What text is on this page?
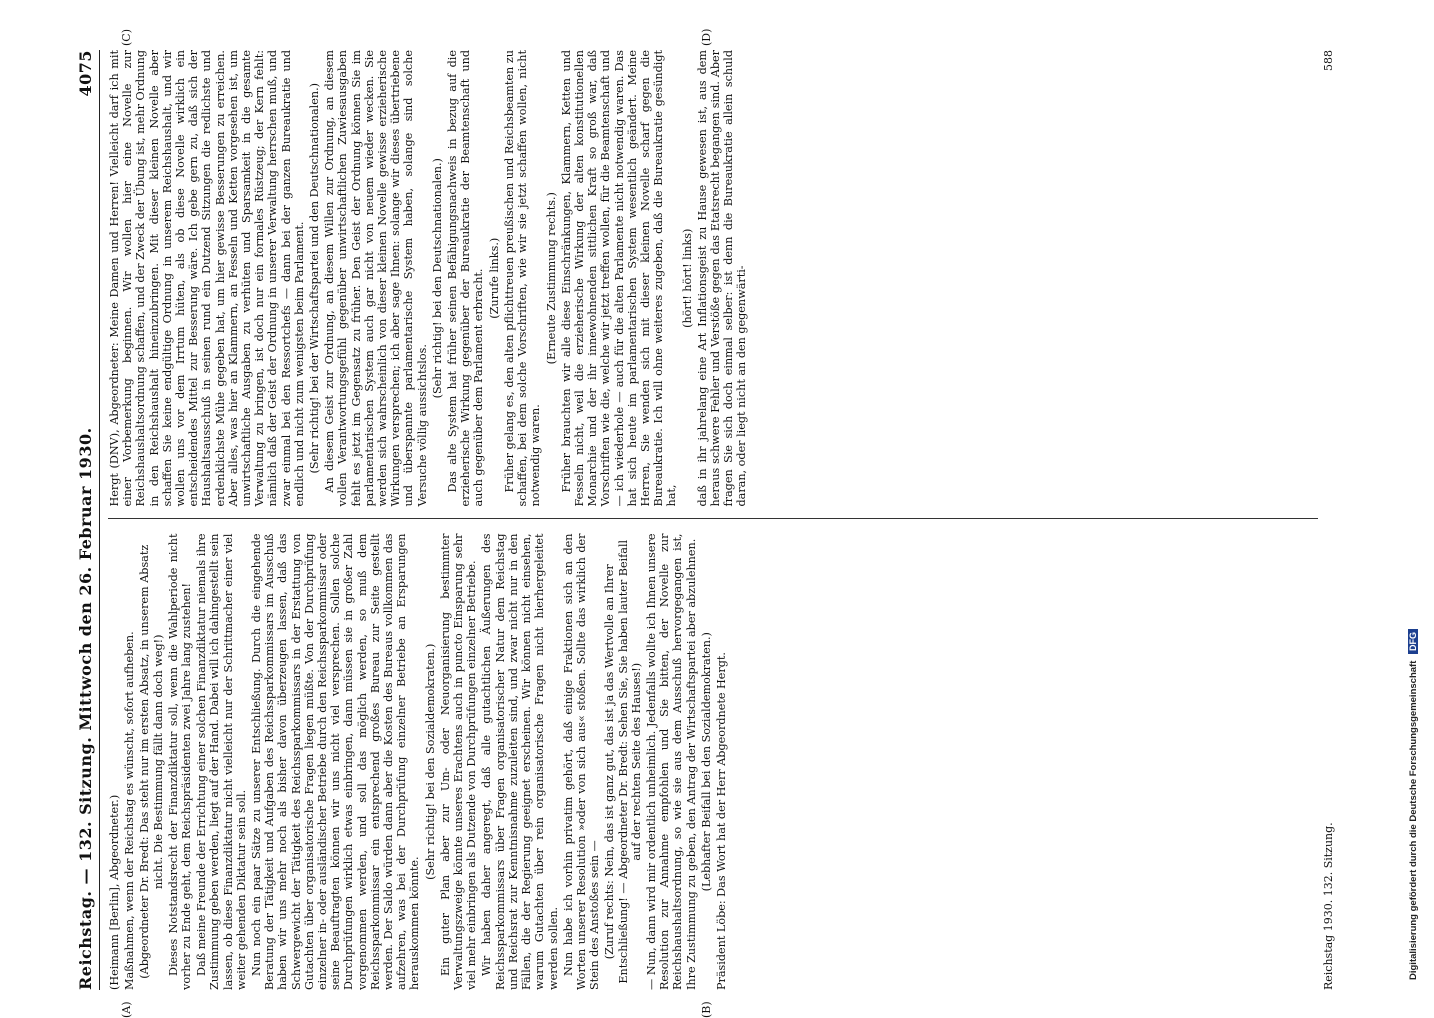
Reichstag. — 132. Sitzung. Mittwoch den 26. Februar 1930.
4075

(Heimann [Berlin], Abgeordneter.) Maßnahmen, wenn der Reichstag es wünscht, sofort aufheben. (Abgeordneter Dr. Bredt: Das steht nur im ersten Absatz, in unserem Absatz nicht. Die Bestimmung fällt dann doch weg!) Dieses Notstandsrecht der Finanzdiktatur soll, wenn die Wahlperiode nicht vorher zu Ende geht, dem Reichspräsidenten zwei Jahre lang zustehen! Daß meine Freunde der Errichtung einer solchen Finanzdiktatur niemals ihre Zustimmung geben werden, liegt auf der Hand. Dabei will ich dahingestellt sein lassen, ob diese Finanzdiktatur nicht vielleicht nur der Schrittmacher einer viel weiter gehenden Diktatur sein soll. Nun noch ein paar Sätze zu unserer Entschließung. Durch die eingehende Beratung der Tätigkeit und Aufgaben des Reichssparkommissars im Ausschuß haben wir uns mehr noch als bisher davon überzeugen lassen, daß das Schwergewicht der Tätigkeit des Reichssparkommissars in der Erstattung von Gutachten über organisatorische Fragen liegen müßte. Von der Durchprüfung einzelner in- oder ausländischer Betriebe durch den Reichssparkommissar oder seine Beauftragten können wir uns nicht viel versprechen. Sollen solche Durchprüfungen wirklich etwas einbringen, dann müssen sie in großer Zahl vorgenommen werden, und soll das möglich werden, so muß dem Reichssparkommissar ein entsprechend großes Bureau zur Seite gestellt werden. Der Saldo würden dann aber die Kosten des Bureaus vollkommen das aufzehren, was bei der Durchprüfung einzelner Betriebe an Ersparungen herauskommen könnte.

(Sehr richtig! bei den Sozialdemokraten.) Ein guter Plan aber zur Um- oder Neuorganisierung bestimmter Verwaltungszweige könnte unseres Erachtens auch in puncto Einsparung sehr viel mehr einbringen als Dutzende von Durchprüfungen einzelner Betriebe. Wir haben daher angeregt, daß alle gutachtlichen Äußerungen des Reichssparkommissars über Fragen organisatorischer Natur dem Reichstag und Reichsrat zur Kenntnisnahme zuzuleiten sind, und zwar nicht nur in den Fällen, die der Regierung geeignet erscheinen. Wir können nicht einsehen, warum Gutachten über rein organisatorische Fragen nicht hierhergeleitet werden sollen. Nun habe ich vorhin privatim gehört, daß einige Fraktionen sich an den Worten unserer Resolution »oder von sich aus« stoßen. Sollte das wirklich der Stein des Anstoßes sein — (Zuruf rechts: Nein, das ist ganz gut, das ist ja das Wertvolle an Ihrer Entschließung! — Abgeordneter Dr. Bredt: Sehen Sie, Sie haben lauter Beifall auf der rechten Seite des Hauses!) — Nun, dann wird mir ordentlich unheimlich. Jedenfalls wollte ich Ihnen unsere Resolution zur Annahme empfohlen und Sie bitten, der Novelle zur Reichshaushaltsordnung, so wie sie aus dem Ausschuß hervorgegangen ist, Ihre Zustimmung zu geben, den Antrag der Wirtschaftspartei aber abzulehnen. (Lebhafter Beifall bei den Sozialdemokraten.) Präsident Löbe: Das Wort hat der Herr Abgeordnete Hergt.

Hergt (DNV), Abgeordneter: Meine Damen und Herren! Vielleicht darf ich mit einer Vorbemerkung beginnen. Wir wollen hier eine Novelle zur Reichshaushaltsordnung schaffen, und der Zweck der Übung ist, mehr Ordnung in den Reichshaushalt hineinzubringen. Mit dieser kleinen Novelle aber schaffen Sie keine endgültige Ordnung in unserem Reichshaushalt, und wir wollen uns vor dem Irrtum hüten, als ob diese Novelle wirklich ein entscheidendes Mittel zur Besserung wäre. Ich gebe gern zu, daß sich der Haushaltsausschuß in seinen rund ein Dutzend Sitzungen die redlichste und erdenklichste Mühe gegeben hat, um hier gewisse Besserungen zu erreichen. Aber alles, was hier an Klammern, an Fesseln und Ketten vorgesehen ist, um unwirtschaftliche Ausgaben zu verhüten und Sparsamkeit in die gesamte Verwaltung zu bringen, ist doch nur ein formales Rüstzeug; der Kern fehlt: nämlich daß der Geist der Ordnung in unserer Verwaltung herrschen muß, und zwar einmal bei den Ressortchefs — dann bei der ganzen Bureaukratie und endlich und nicht zum wenigsten beim Parlament. (Sehr richtig! bei der Wirtschaftspartei und den Deutschnationalen.) An diesem Geist zur Ordnung, an diesem Willen zur Ordnung, an diesem vollen Verantwortungsgefühl gegenüber unwirtschaftlichen Zuwiesausgaben fehlt es jetzt im Gegensatz zu früher. Den Geist der Ordnung können Sie im parlamentarischen System auch gar nicht von neuem wieder wecken. Sie werden sich wahrscheinlich von dieser kleinen Novelle gewisse erzieherische Wirkungen versprechen; ich aber sage Ihnen: solange wir dieses übertriebene und überspannte parlamentarische System haben, solange sind solche Versuche völlig aussichtslos.

(Sehr richtig! bei den Deutschnationalen.) Das alte System hat früher seinen Befähigungsnachweis in bezug auf die erzieherische Wirkung gegenüber der Bureaukratie der Beamtenschaft und auch gegenüber dem Parlament erbracht. (Zurufe links.) Früher gelang es, den alten pflichttreuen preußischen und Reichsbeamten zu schaffen, bei dem solche Vorschriften, wie wir sie jetzt schaffen wollen, nicht notwendig waren.

(Erneute Zustimmung rechts.) Früher brauchten wir alle diese Einschränkungen, Klammern, Ketten und Fesseln nicht, weil die erzieherische Wirkung der alten konstitutionellen Monarchie und der ihr innewohnenden sittlichen Kraft so groß war, daß Vorschriften wie die, welche wir jetzt treffen wollen, für die Beamtenschaft und — ich wiederhole — auch für die alten Parlamente nicht notwendig waren. Das hat sich heute im parlamentarischen System wesentlich geändert. Meine Herren, Sie wenden sich mit dieser kleinen Novelle scharf gegen die Bureaukratie. Ich will ohne weiteres zugeben, daß die Bureaukratie gesündigt hat,

(hört! hört! links) daß in ihr jahrelang eine Art Inflationsgeist zu Hause gewesen ist, aus dem heraus schwere Fehler und Verstöße gegen das Etatsrecht begangen sind. Aber fragen Sie sich doch einmal selber: ist denn die Bureaukratie allein schuld daran, oder liegt nicht an den gegenwärti-

(A)	(B)
(C)	(D)
Reichstag 1930. 132. Sitzung.
588
Digitalisierung gefördert durch die Deutsche Forschungsgemeinschaft DFG
